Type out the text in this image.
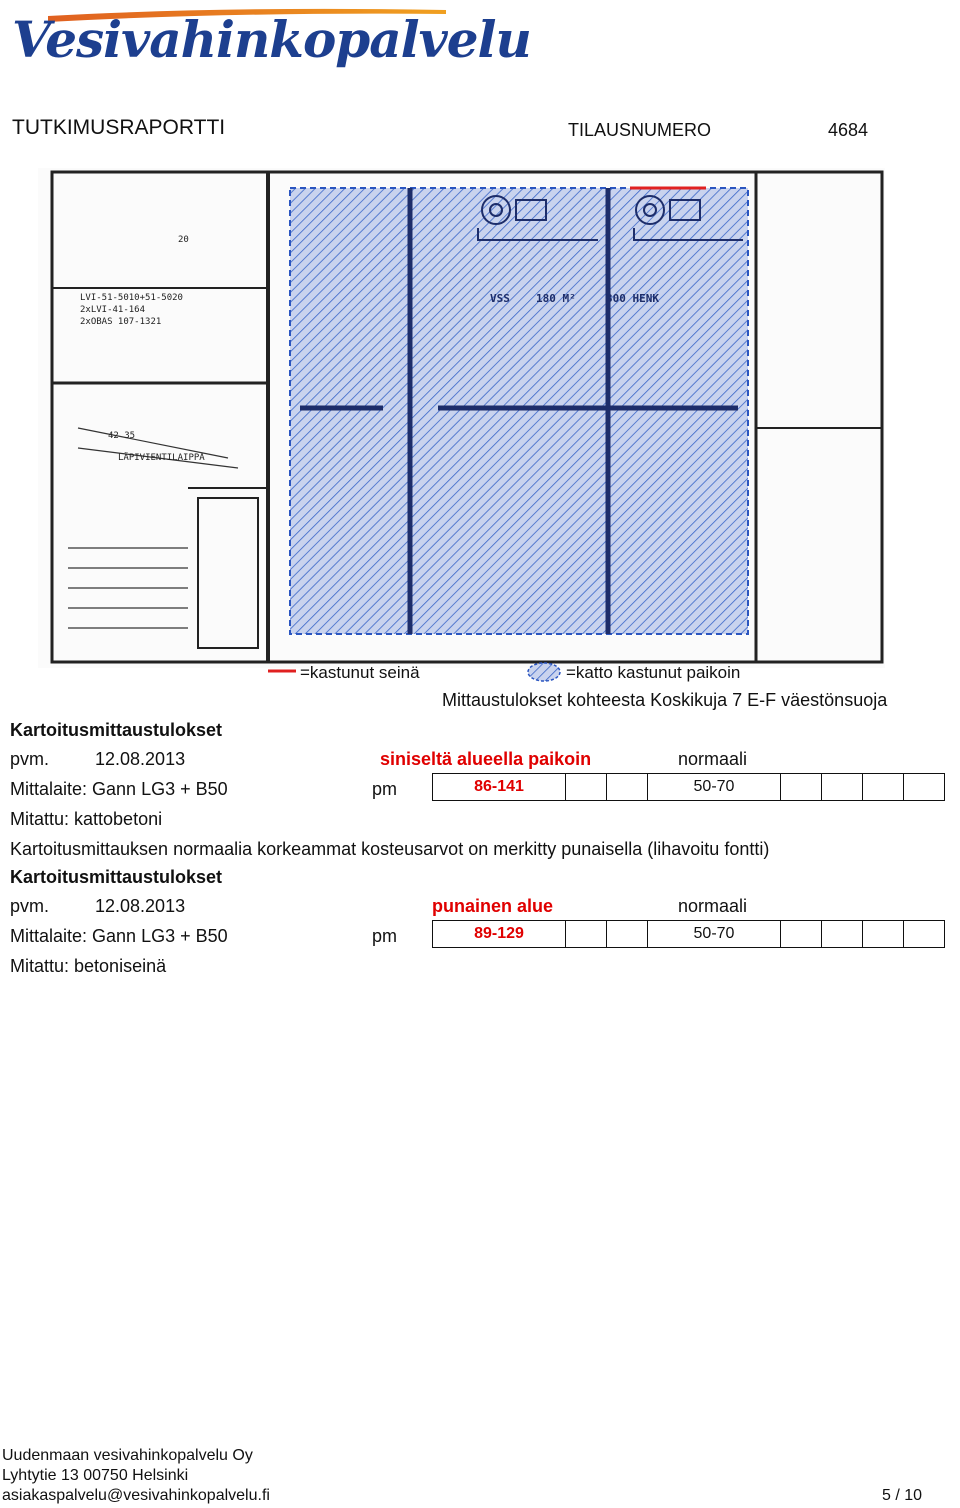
Vesivahinkopalvelu
TUTKIMUSRAPORTTI	TILAUSNUMERO	4684
VSS 180 M²	300 HENK
LVI-51-5010+51-5020
2xLVI-41-164
2xOBAS 107-1321
LÄPIVIENTILAIPPA
42 35
20
=kastunut seinä	=katto kastunut paikoin
Mittaustulokset kohteesta Koskikuja 7 E-F väestönsuoja
Kartoitusmittaustulokset
pvm.	12.08.2013	siniseltä alueella paikoin	normaali
Mittalaite: Gann LG3 + B50	pm	86-141			50-70				
Mitattu: kattobetoni
Kartoitusmittauksen normaalia korkeammat kosteusarvot on merkitty punaisella (lihavoitu fontti)
Kartoitusmittaustulokset
pvm.	12.08.2013	punainen alue	normaali
Mittalaite: Gann LG3 + B50	pm	89-129			50-70				
Mitattu: betoniseinä
Uudenmaan vesivahinkopalvelu Oy
Lyhtytie 13 00750 Helsinki
asiakaspalvelu@vesivahinkopalvelu.fi	5 / 10
